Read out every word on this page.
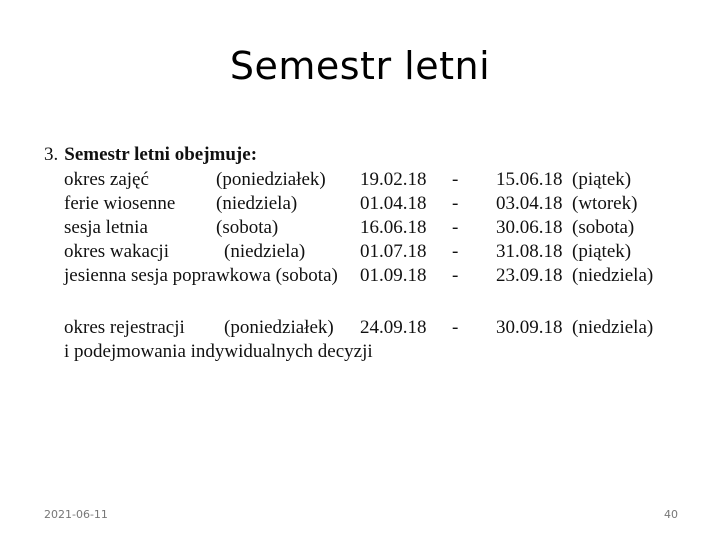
Semestr letni
3. Semestr letni obejmuje:
okres zajęć	(poniedziałek) 19.02.18 - 15.06.18 (piątek)
ferie wiosenne (niedziela)	01.04.18 - 03.04.18 (wtorek)
sesja letnia	(sobota)	16.06.18 - 30.06.18 (sobota)
okres wakacji	(niedziela)	01.07.18 - 31.08.18 (piątek)
jesienna sesja poprawkowa (sobota) 01.09.18 - 23.09.18 (niedziela)
okres rejestracji (poniedziałek) 24.09.18 - 30.09.18 (niedziela)
i podejmowania indywidualnych decyzji
2021-06-11	40
